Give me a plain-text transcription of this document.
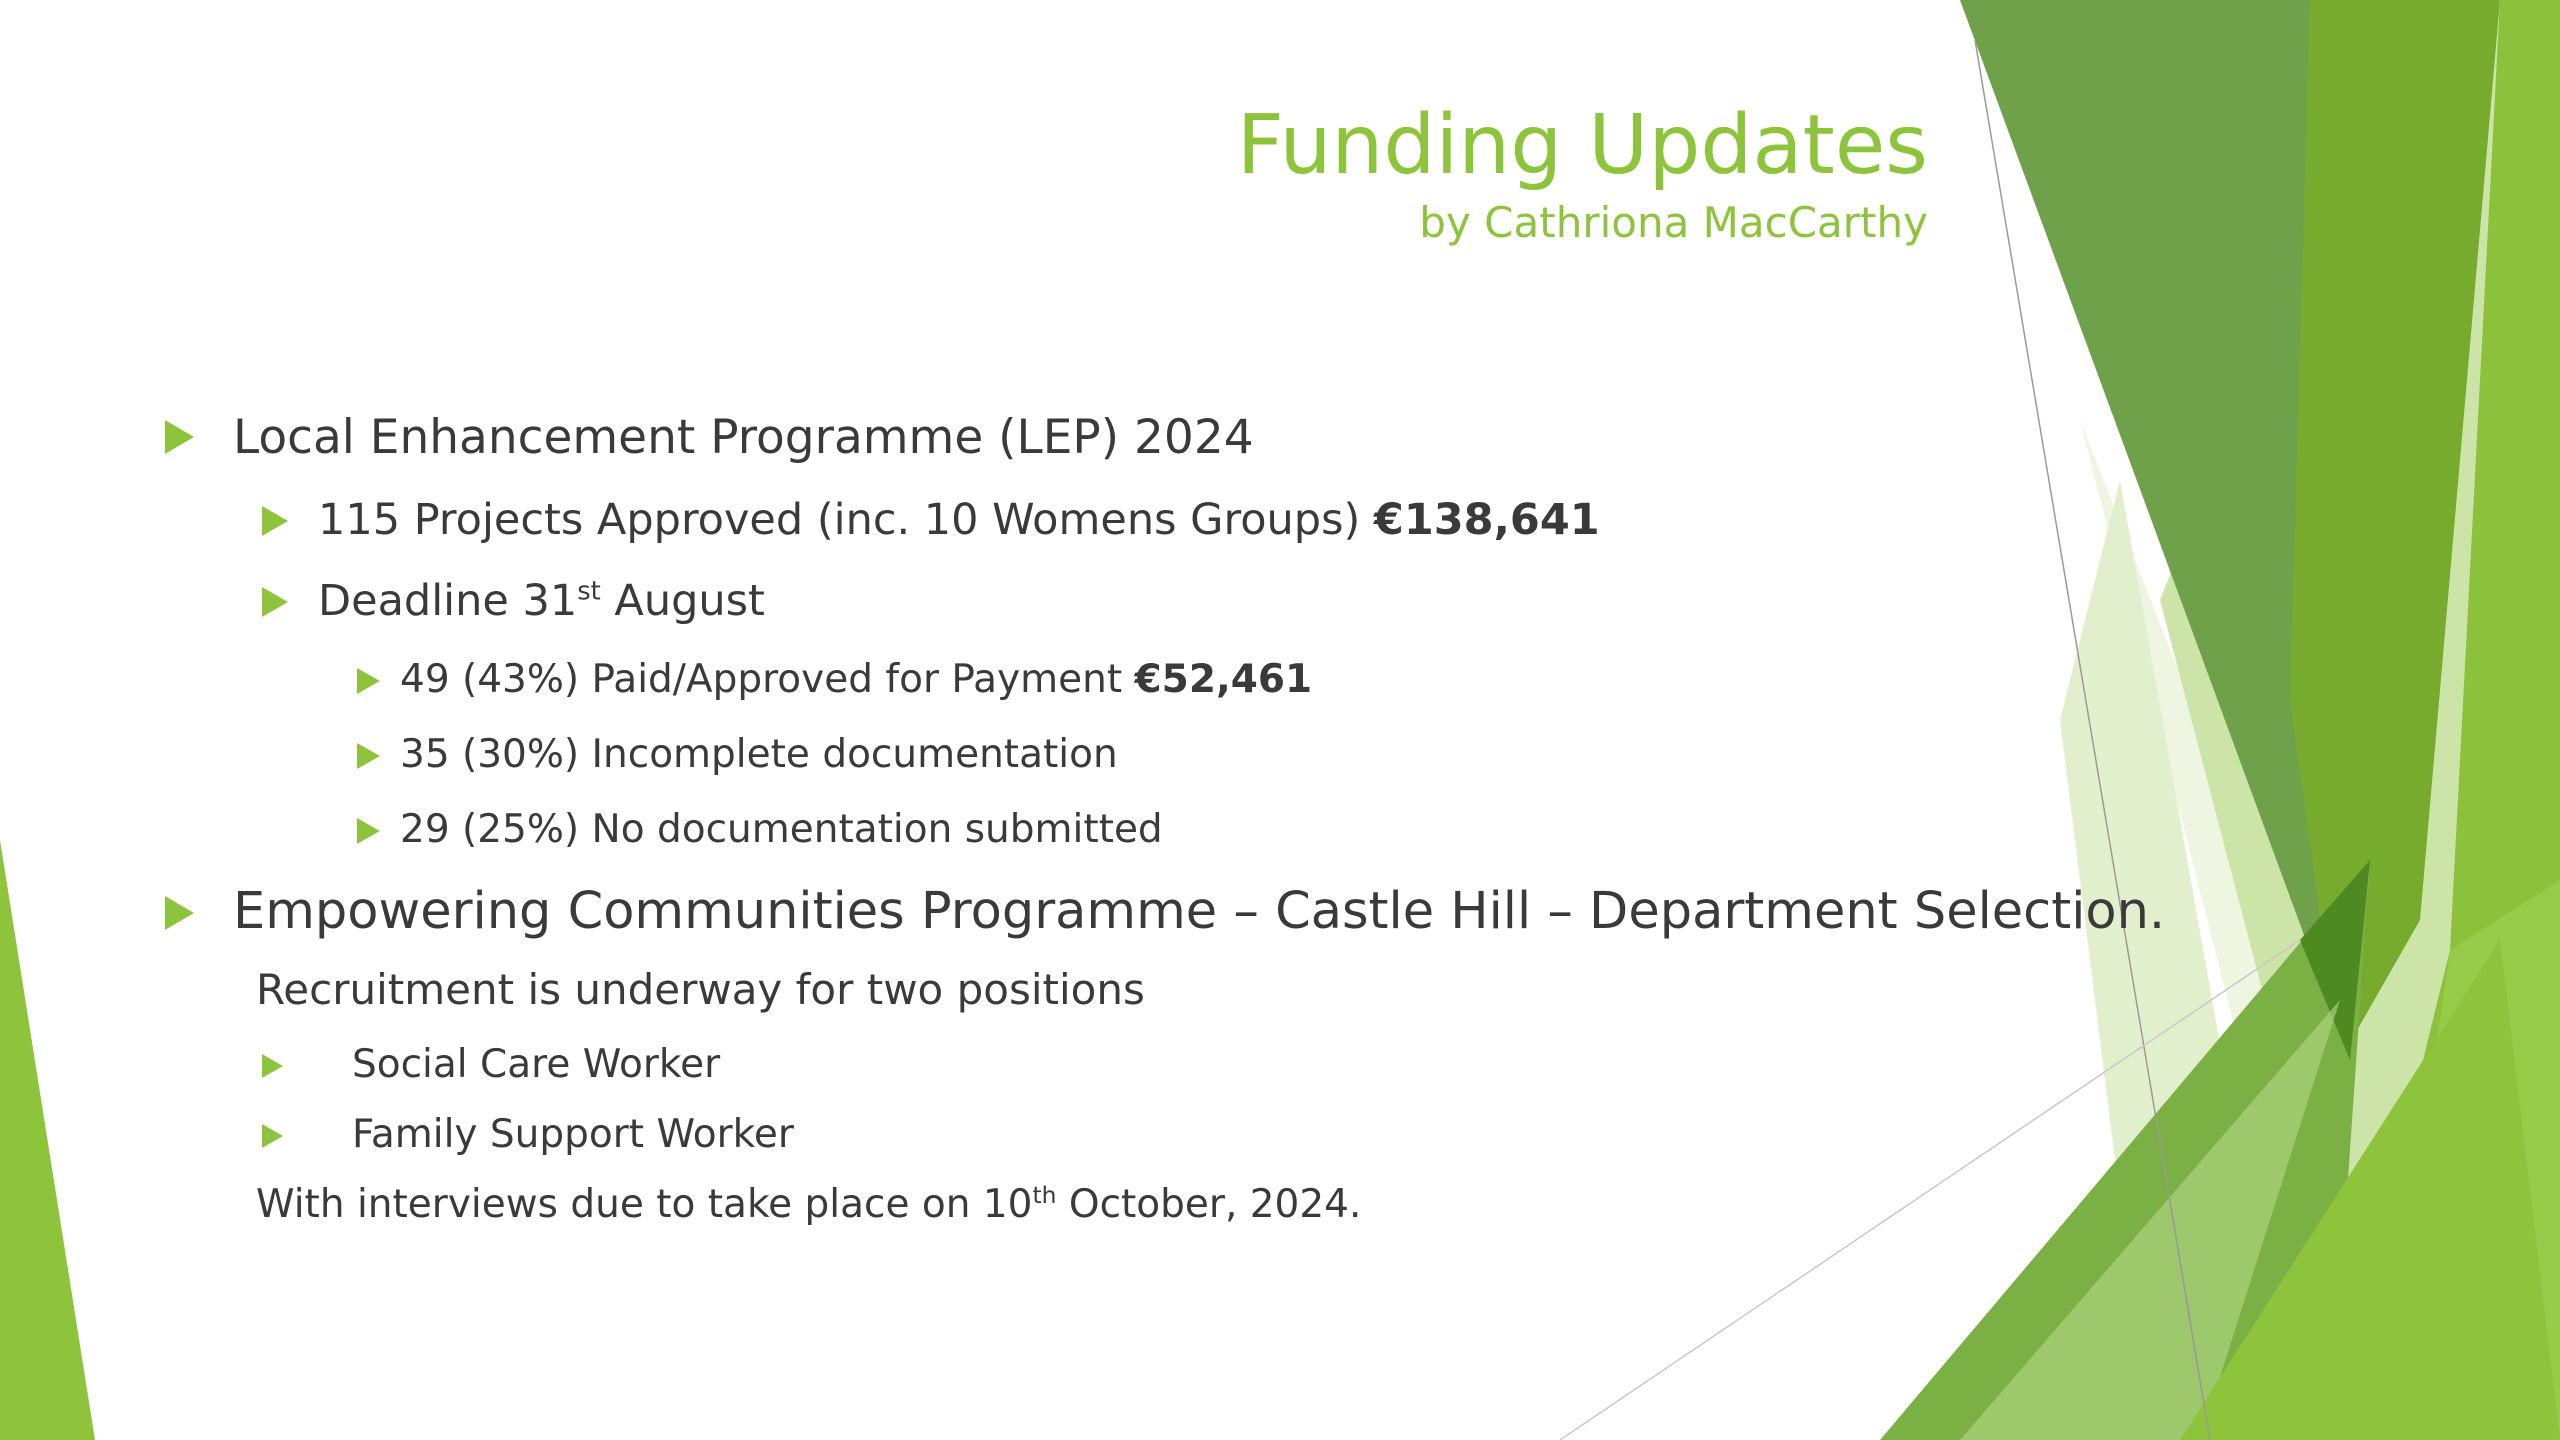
Funding Updates
by Cathriona MacCarthy
Local Enhancement Programme (LEP) 2024
115 Projects Approved (inc. 10 Womens Groups) €138,641
Deadline 31st August
49 (43%) Paid/Approved for Payment €52,461
35 (30%) Incomplete documentation
29 (25%) No documentation submitted
Empowering Communities Programme – Castle Hill – Department Selection.
Recruitment is underway for two positions
Social Care Worker
Family Support Worker
With interviews due to take place on 10th October, 2024.
